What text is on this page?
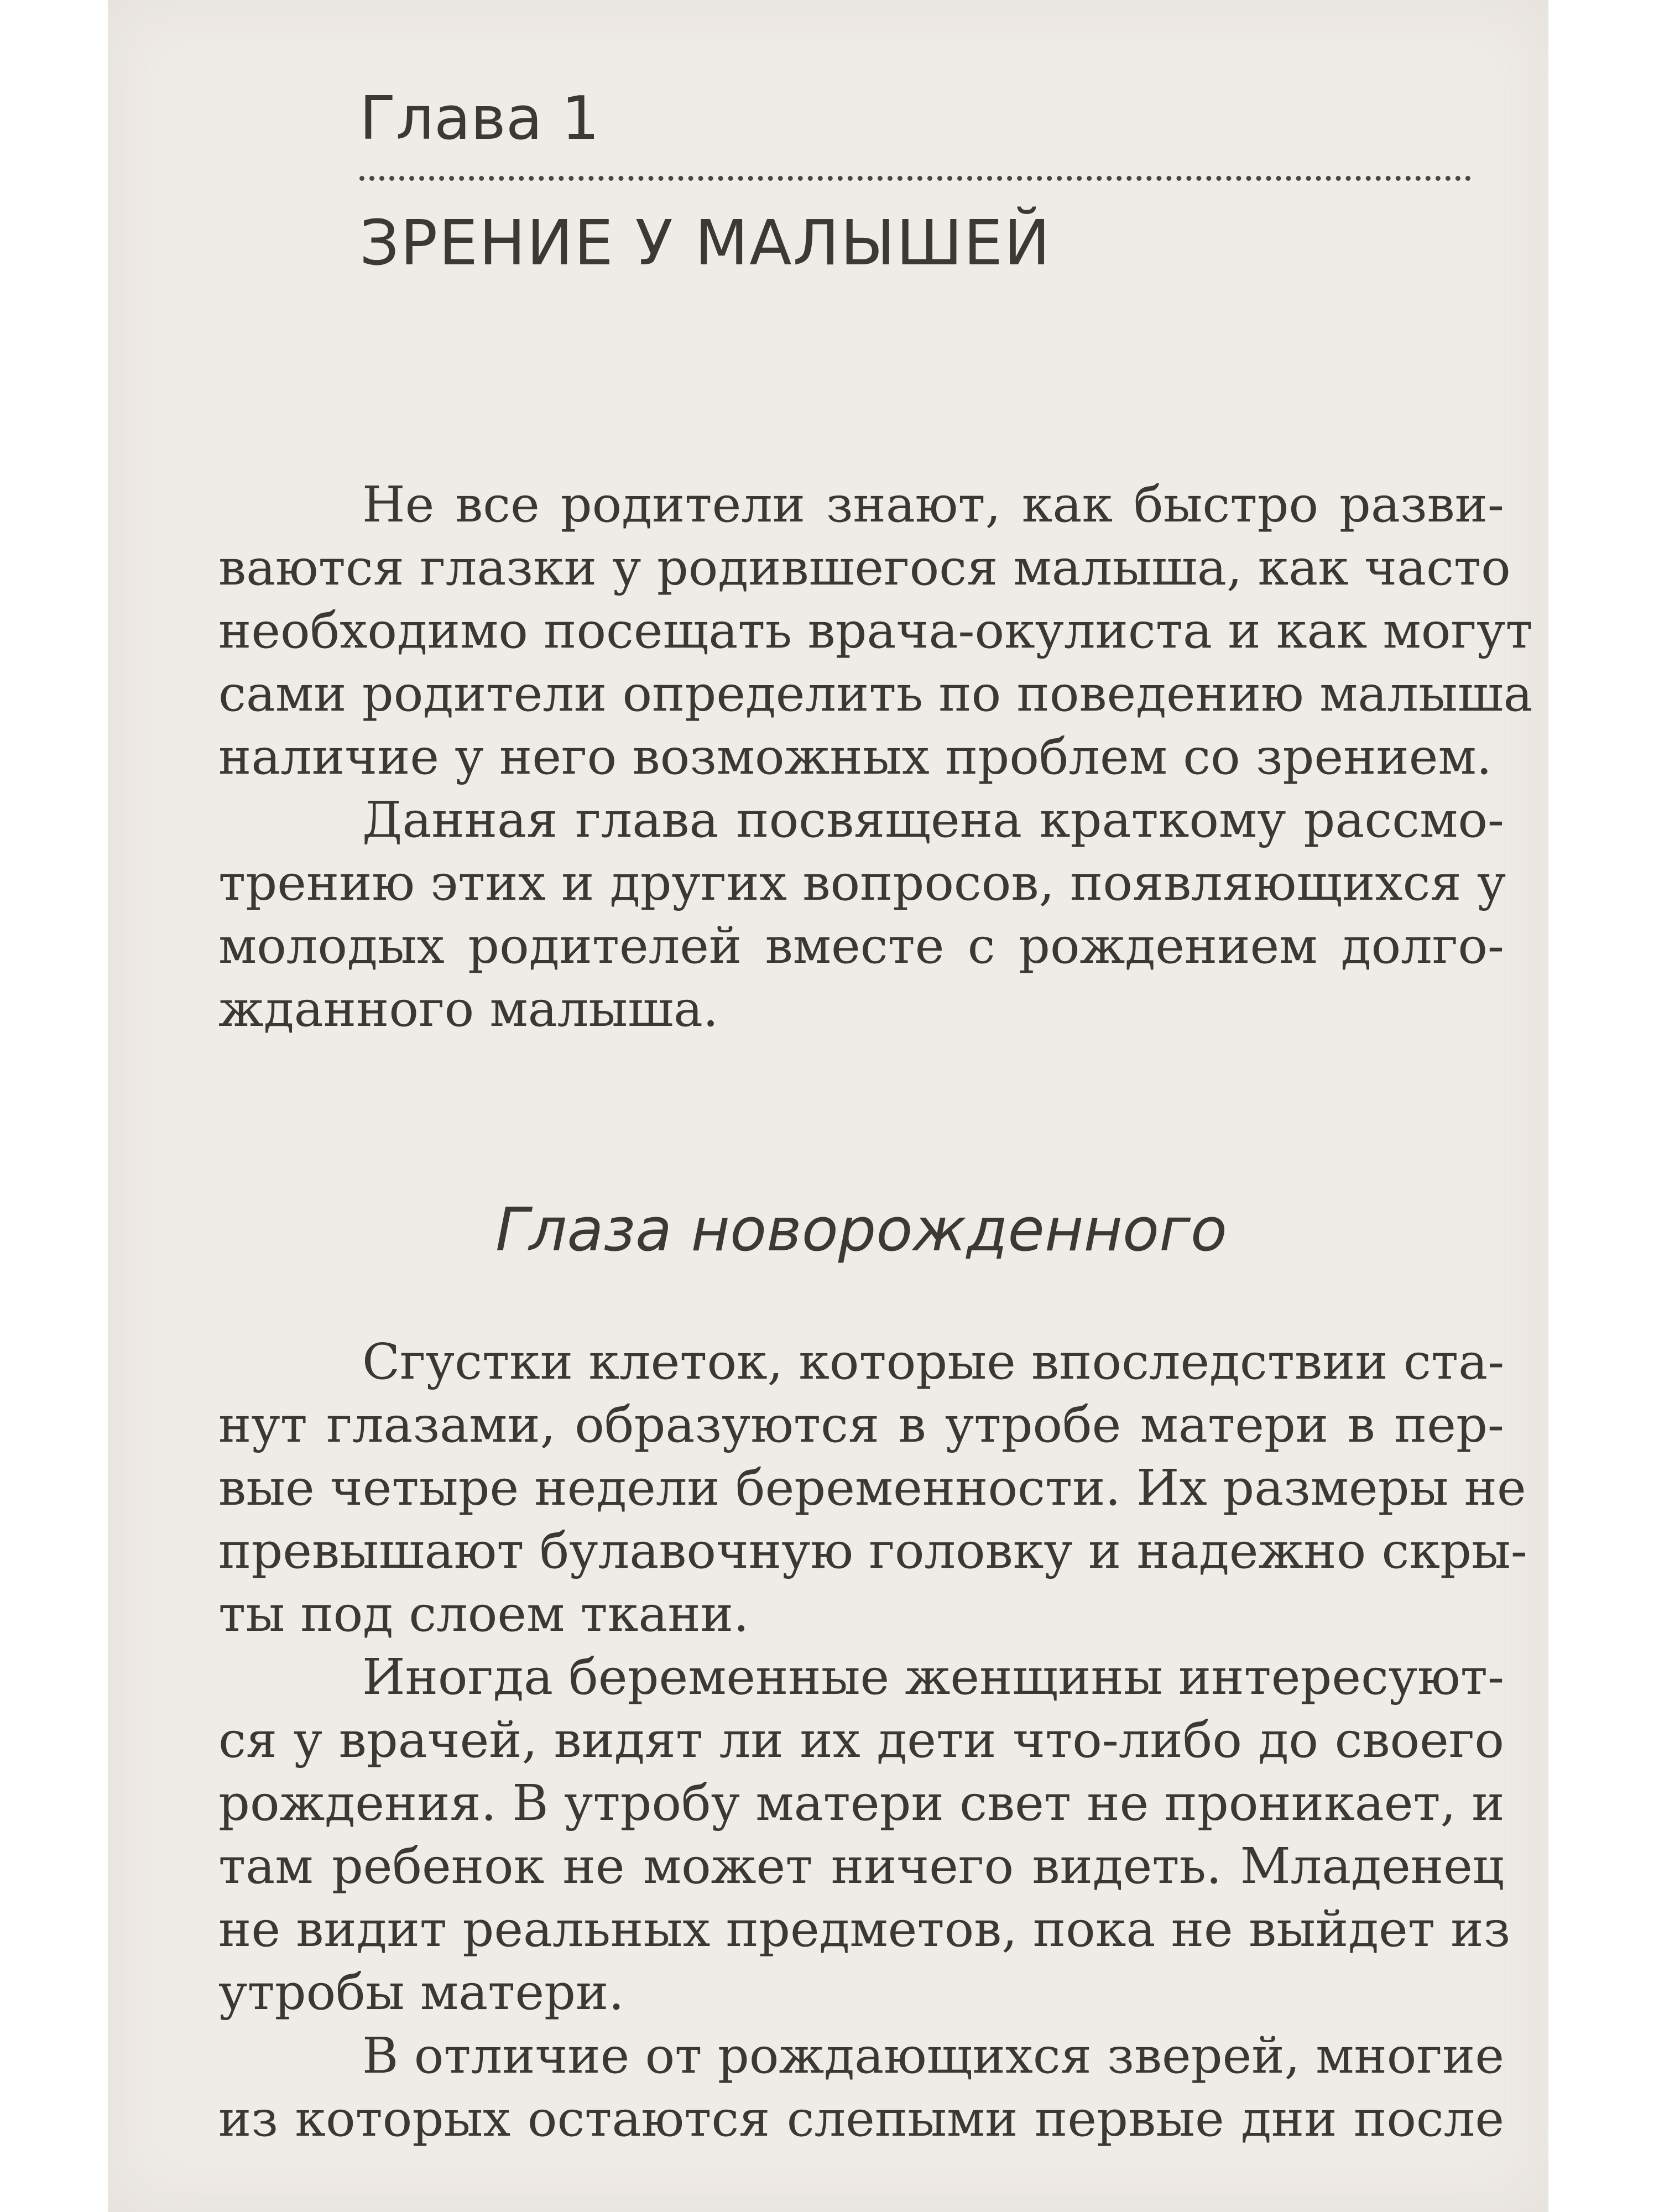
Глава 1
ЗРЕНИЕ У МАЛЫШЕЙ

Не все родители знают, как быстро разви-
ваются глазки у родившегося малыша, как часто
необходимо посещать врача-окулиста и как могут
сами родители определить по поведению малыша
наличие у него возможных проблем со зрением.

Данная глава посвящена краткому рассмо-
трению этих и других вопросов, появляющихся у
молодых родителей вместе с рождением долго-
жданного малыша.

Глаза новорожденного

Сгустки клеток, которые впоследствии ста-
нут глазами, образуются в утробе матери в пер-
вые четыре недели беременности. Их размеры не
превышают булавочную головку и надежно скры-
ты под слоем ткани.

Иногда беременные женщины интересуют-
ся у врачей, видят ли их дети что-либо до своего
рождения. В утробу матери свет не проникает, и
там ребенок не может ничего видеть. Младенец
не видит реальных предметов, пока не выйдет из
утробы матери.

В отличие от рождающихся зверей, многие
из которых остаются слепыми первые дни после
